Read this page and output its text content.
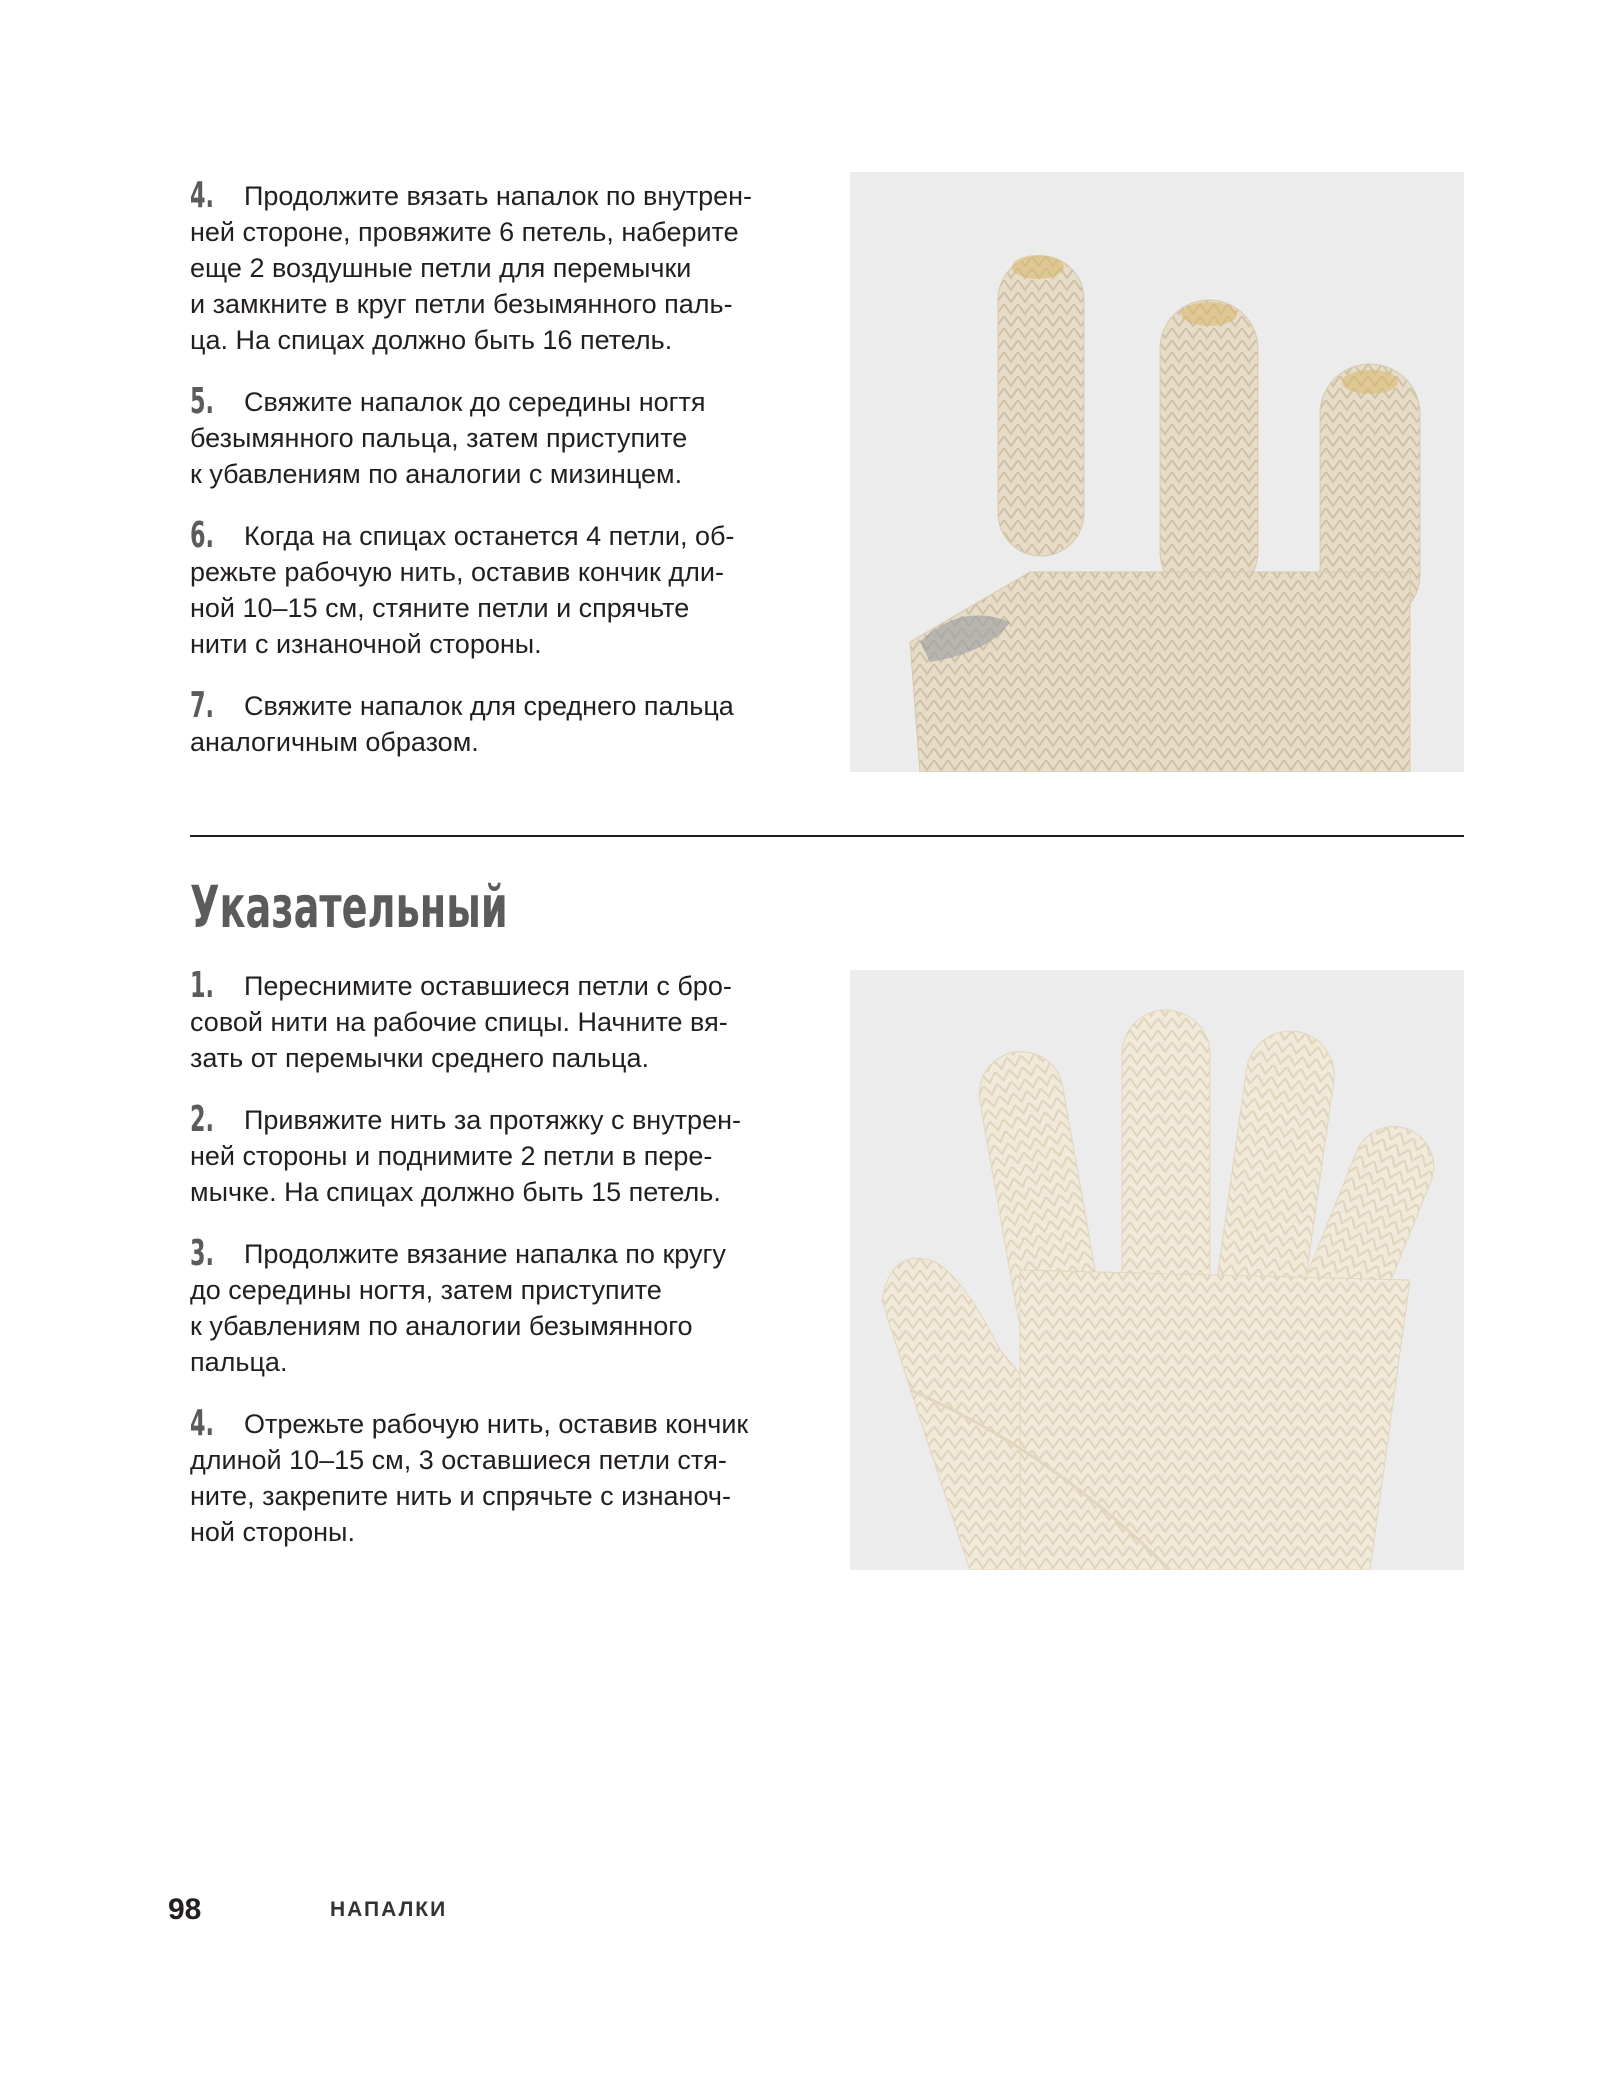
4. Продолжите вязать напалок по внутрен-

ней стороне, провяжите 6 петель, наберите

еще 2 воздушные петли для перемычки

и замкните в круг петли безымянного паль-

ца. На спицах должно быть 16 петель.

5. Свяжите напалок до середины ногтя

безымянного пальца, затем приступите

к убавлениям по аналогии с мизинцем.

6. Когда на спицах останется 4 петли, об-

режьте рабочую нить, оставив кончик дли-

ной 10–15 см, стяните петли и спрячьте

нити с изнаночной стороны.

7. Свяжите напалок для среднего пальца

аналогичным образом.

Указательный

1. Переснимите оставшиеся петли с бро-

совой нити на рабочие спицы. Начните вя-

зать от перемычки среднего пальца.

2. Привяжите нить за протяжку с внутрен-

ней стороны и поднимите 2 петли в пере-

мычке. На спицах должно быть 15 петель.

3. Продолжите вязание напалка по кругу

до середины ногтя, затем приступите

к убавлениям по аналогии безымянного

пальца.

4. Отрежьте рабочую нить, оставив кончик

длиной 10–15 см, 3 оставшиеся петли стя-

ните, закрепите нить и спрячьте с изнаноч-

ной стороны.

98	НАПАЛКИ
